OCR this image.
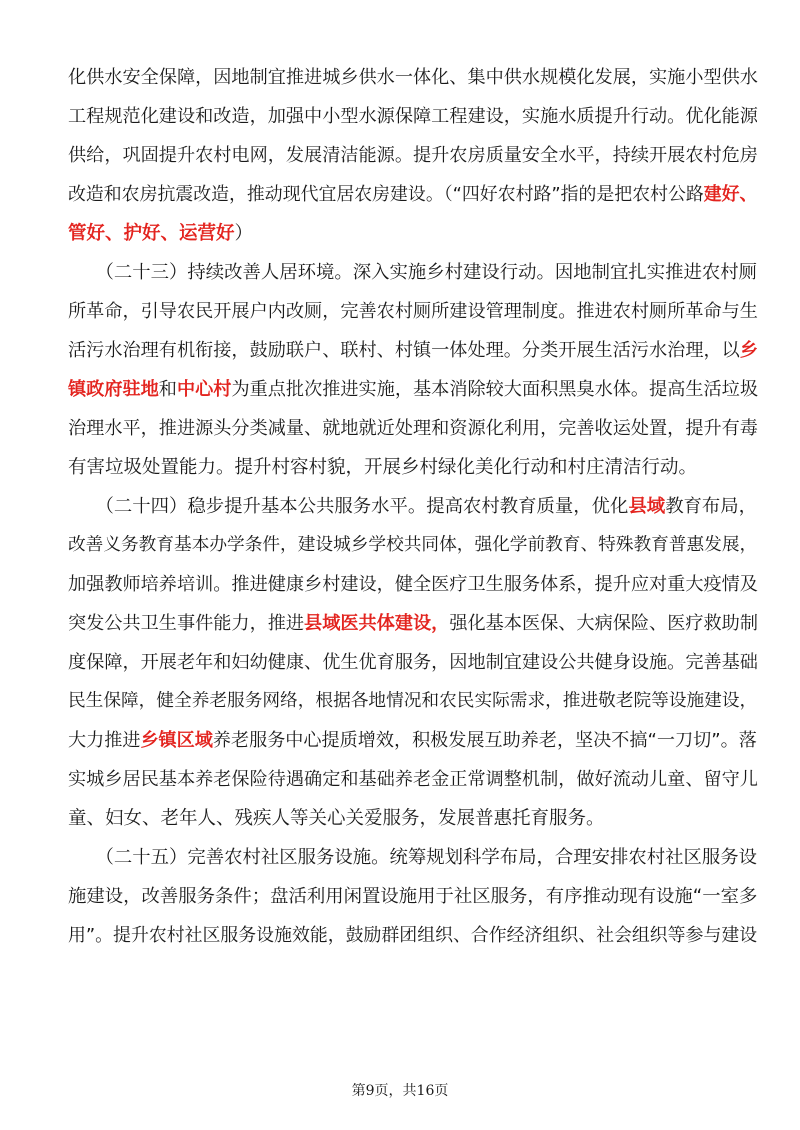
化供水安全保障，因地制宜推进城乡供水一体化、集中供水规模化发展，实施小型供水
工程规范化建设和改造，加强中小型水源保障工程建设，实施水质提升行动。优化能源
供给，巩固提升农村电网，发展清洁能源。提升农房质量安全水平，持续开展农村危房
改造和农房抗震改造，推动现代宜居农房建设。（“四好农村路”指的是把农村公路建好、
管好、护好、运营好）
　　（二十三）持续改善人居环境。深入实施乡村建设行动。因地制宜扎实推进农村厕
所革命，引导农民开展户内改厕，完善农村厕所建设管理制度。推进农村厕所革命与生
活污水治理有机衔接，鼓励联户、联村、村镇一体处理。分类开展生活污水治理，以乡
镇政府驻地和中心村为重点批次推进实施，基本消除较大面积黑臭水体。提高生活垃圾
治理水平，推进源头分类减量、就地就近处理和资源化利用，完善收运处置，提升有毒
有害垃圾处置能力。提升村容村貌，开展乡村绿化美化行动和村庄清洁行动。
　　（二十四）稳步提升基本公共服务水平。提高农村教育质量，优化县域教育布局，
改善义务教育基本办学条件，建设城乡学校共同体，强化学前教育、特殊教育普惠发展，
加强教师培养培训。推进健康乡村建设，健全医疗卫生服务体系，提升应对重大疫情及
突发公共卫生事件能力，推进县域医共体建设，强化基本医保、大病保险、医疗救助制
度保障，开展老年和妇幼健康、优生优育服务，因地制宜建设公共健身设施。完善基础
民生保障，健全养老服务网络，根据各地情况和农民实际需求，推进敬老院等设施建设，
大力推进乡镇区域养老服务中心提质增效，积极发展互助养老，坚决不搞“一刀切”。落
实城乡居民基本养老保险待遇确定和基础养老金正常调整机制，做好流动儿童、留守儿
童、妇女、老年人、残疾人等关心关爱服务，发展普惠托育服务。
　　（二十五）完善农村社区服务设施。统筹规划科学布局，合理安排农村社区服务设
施建设，改善服务条件；盘活利用闲置设施用于社区服务，有序推动现有设施“一室多
用”。提升农村社区服务设施效能，鼓励群团组织、合作经济组织、社会组织等参与建设
第9页，共16页
